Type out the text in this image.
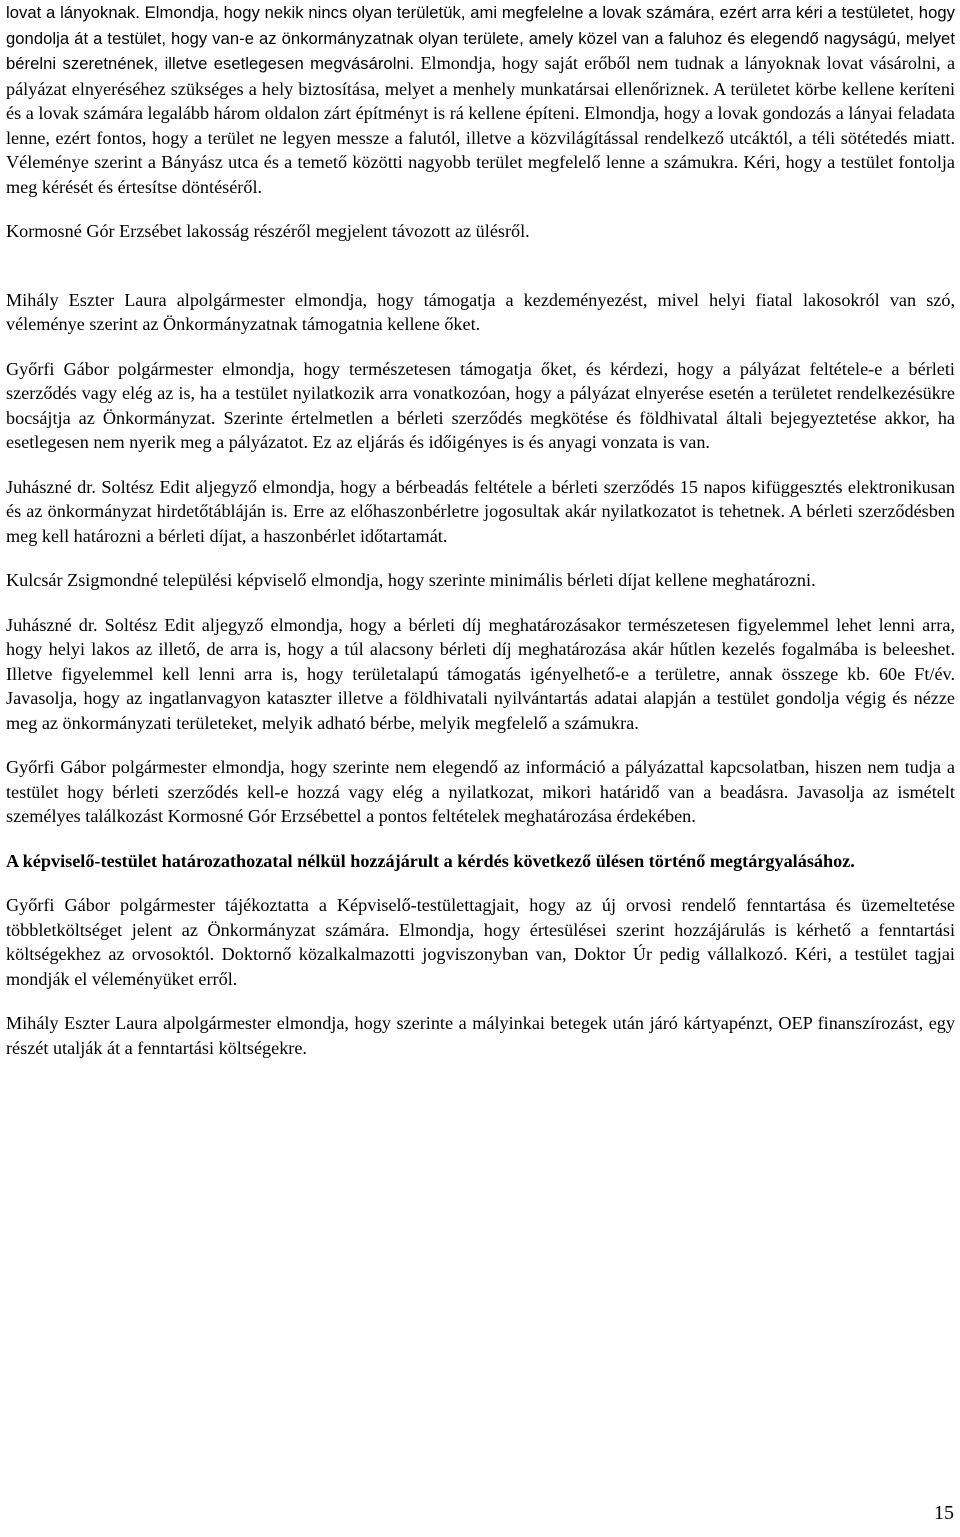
lovat a lányoknak. Elmondja, hogy nekik nincs olyan területük, ami megfelelne a lovak számára, ezért arra kéri a testületet, hogy gondolja át a testület, hogy van-e az önkormányzatnak olyan területe, amely közel van a faluhoz és elegendő nagyságú, melyet bérelni szeretnének, illetve esetlegesen megvásárolni. Elmondja, hogy saját erőből nem tudnak a lányoknak lovat vásárolni, a pályázat elnyeréséhez szükséges a hely biztosítása, melyet a menhely munkatársai ellenőriznek. A területet körbe kellene keríteni és a lovak számára legalább három oldalon zárt építményt is rá kellene építeni. Elmondja, hogy a lovak gondozás a lányai feladata lenne, ezért fontos, hogy a terület ne legyen messze a falutól, illetve a közvilágítással rendelkező utcáktól, a téli sötétedés miatt. Véleménye szerint a Bányász utca és a temető közötti nagyobb terület megfelelő lenne a számukra. Kéri, hogy a testület fontolja meg kérését és értesítse döntéséről.

Kormosné Gór Erzsébet lakosság részéről megjelent távozott az ülésről.

Mihály Eszter Laura alpolgármester elmondja, hogy támogatja a kezdeményezést, mivel helyi fiatal lakosokról van szó, véleménye szerint az Önkormányzatnak támogatnia kellene őket.

Győrfi Gábor polgármester elmondja, hogy természetesen támogatja őket, és kérdezi, hogy a pályázat feltétele-e a bérleti szerződés vagy elég az is, ha a testület nyilatkozik arra vonatkozóan, hogy a pályázat elnyerése esetén a területet rendelkezésükre bocsájtja az Önkormányzat. Szerinte értelmetlen a bérleti szerződés megkötése és földhivatal általi bejegyeztetése akkor, ha esetlegesen nem nyerik meg a pályázatot. Ez az eljárás és időigényes is és anyagi vonzata is van.

Juhászné dr. Soltész Edit aljegyző elmondja, hogy a bérbeadás feltétele a bérleti szerződés 15 napos kifüggesztés elektronikusan és az önkormányzat hirdetőtábláján is. Erre az előhaszonbérletre jogosultak akár nyilatkozatot is tehetnek. A bérleti szerződésben meg kell határozni a bérleti díjat, a haszonbérlet időtartamát.

Kulcsár Zsigmondné települési képviselő elmondja, hogy szerinte minimális bérleti díjat kellene meghatározni.

Juhászné dr. Soltész Edit aljegyző elmondja, hogy a bérleti díj meghatározásakor természetesen figyelemmel lehet lenni arra, hogy helyi lakos az illető, de arra is, hogy a túl alacsony bérleti díj meghatározása akár hűtlen kezelés fogalmába is beleeshet. Illetve figyelemmel kell lenni arra is, hogy területalapú támogatás igényelhető-e a területre, annak összege kb. 60e Ft/év. Javasolja, hogy az ingatlanvagyon kataszter illetve a földhivatali nyilvántartás adatai alapján a testület gondolja végig és nézze meg az önkormányzati területeket, melyik adható bérbe, melyik megfelelő a számukra.

Győrfi Gábor polgármester elmondja, hogy szerinte nem elegendő az információ a pályázattal kapcsolatban, hiszen nem tudja a testület hogy bérleti szerződés kell-e hozzá vagy elég a nyilatkozat, mikori határidő van a beadásra. Javasolja az ismételt személyes találkozást Kormosné Gór Erzsébettel a pontos feltételek meghatározása érdekében.

A képviselő-testület határozathozatal nélkül hozzájárult a kérdés következő ülésen történő megtárgyalásához.

Győrfi Gábor polgármester tájékoztatta a Képviselő-testülettagjait, hogy az új orvosi rendelő fenntartása és üzemeltetése többletköltséget jelent az Önkormányzat számára. Elmondja, hogy értesülései szerint hozzájárulás is kérhető a fenntartási költségekhez az orvosoktól. Doktornő közalkalmazotti jogviszonyban van, Doktor Úr pedig vállalkozó. Kéri, a testület tagjai mondják el véleményüket erről.

Mihály Eszter Laura alpolgármester elmondja, hogy szerinte a mályinkai betegek után járó kártyapénzt, OEP finanszírozást, egy részét utalják át a fenntartási költségekre.

15
